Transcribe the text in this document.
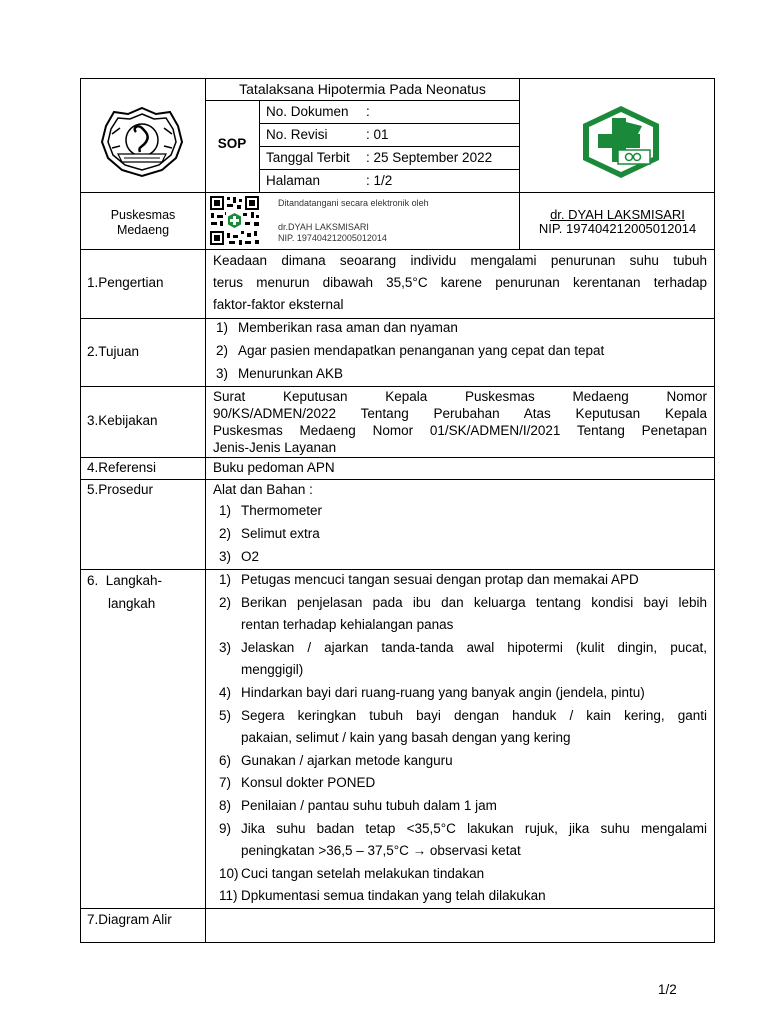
Tatalaksana Hipotermia Pada Neonatus
SOP
No. Dokumen :
No. Revisi	: 01
Tanggal Terbit : 25 September 2022
Halaman	: 1/2
Puskesmas
Medaeng
Ditandatangani secara elektronik oleh
dr.DYAH LAKSMISARI
NIP. 197404212005012014
dr. DYAH LAKSMISARI
NIP. 197404212005012014
1.Pengertian
Keadaan dimana seoarang individu mengalami penurunan suhu tubuh
terus menurun dibawah 35,5°C karene penurunan kerentanan terhadap
faktor-faktor eksternal
2.Tujuan
1) Memberikan rasa aman dan nyaman
2) Agar pasien mendapatkan penanganan yang cepat dan tepat
3) Menurunkan AKB
3.Kebijakan
Surat Keputusan Kepala Puskesmas Medaeng Nomor
90/KS/ADMEN/2022 Tentang Perubahan Atas Keputusan Kepala
Puskesmas Medaeng Nomor 01/SK/ADMEN/I/2021 Tentang Penetapan
Jenis-Jenis Layanan
4.Referensi	Buku pedoman APN
5.Prosedur	Alat dan Bahan :
1) Thermometer
2) Selimut extra
3) O2
6.  Langkah-
langkah
1) Petugas mencuci tangan sesuai dengan protap dan memakai APD
2) Berikan penjelasan pada ibu dan keluarga tentang kondisi bayi lebih
rentan terhadap kehialangan panas
3) Jelaskan / ajarkan tanda-tanda awal hipotermi (kulit dingin, pucat,
menggigil)
4) Hindarkan bayi dari ruang-ruang yang banyak angin (jendela, pintu)
5) Segera keringkan tubuh bayi dengan handuk / kain kering, ganti
pakaian, selimut / kain yang basah dengan yang kering
6) Gunakan / ajarkan metode kanguru
7) Konsul dokter PONED
8) Penilaian / pantau suhu tubuh dalam 1 jam
9) Jika suhu badan tetap <35,5°C lakukan rujuk, jika suhu mengalami
peningkatan >36,5 – 37,5°C → observasi ketat
10) Cuci tangan setelah melakukan tindakan
11) Dpkumentasi semua tindakan yang telah dilakukan
7.Diagram Alir
1/2
